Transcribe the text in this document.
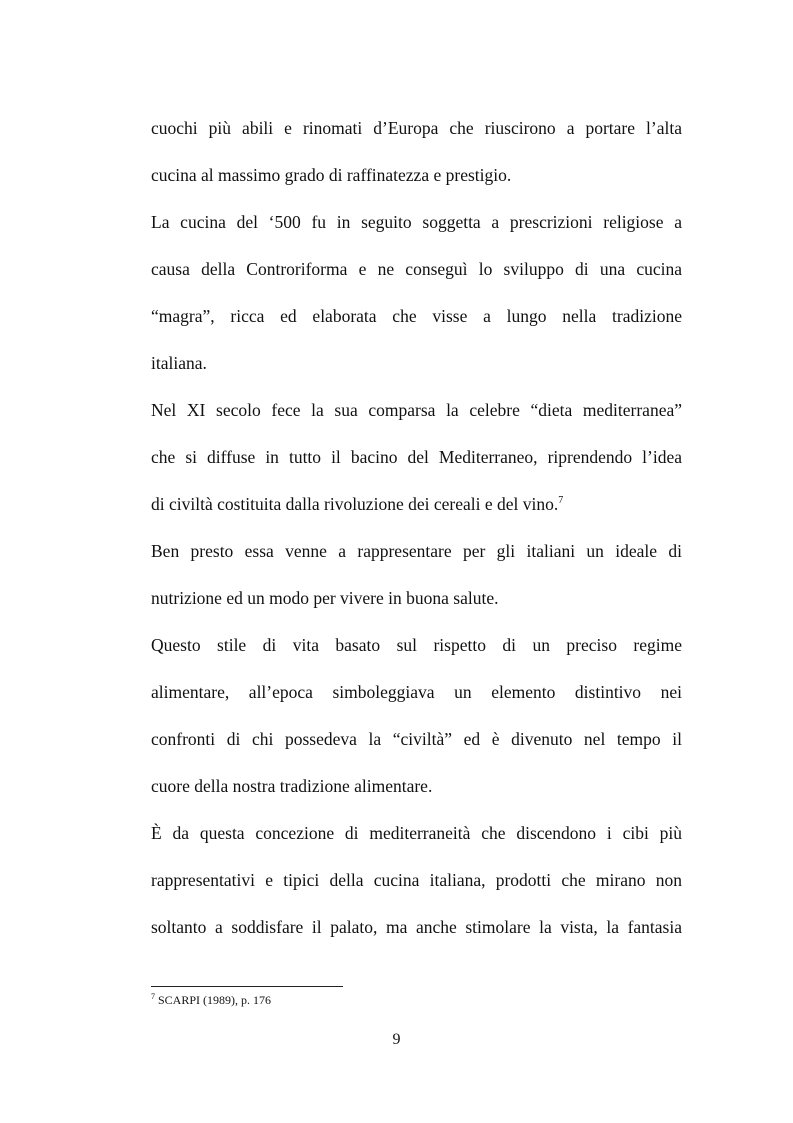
cuochi più abili e rinomati d’Europa che riuscirono a portare l’alta
cucina al massimo grado di raffinatezza e prestigio.
La cucina del ‘500 fu in seguito soggetta a prescrizioni religiose a
causa della Controriforma e ne conseguì lo sviluppo di una cucina
“magra”, ricca ed elaborata che visse a lungo nella tradizione
italiana.
Nel XI secolo fece la sua comparsa la celebre “dieta mediterranea”
che si diffuse in tutto il bacino del Mediterraneo, riprendendo l’idea
di civiltà costituita dalla rivoluzione dei cereali e del vino.$^7$
Ben presto essa venne a rappresentare per gli italiani un ideale di
nutrizione ed un modo per vivere in buona salute.
Questo stile di vita basato sul rispetto di un preciso regime
alimentare, all’epoca simboleggiava un elemento distintivo nei
confronti di chi possedeva la “civiltà” ed è divenuto nel tempo il
cuore della nostra tradizione alimentare.
È da questa concezione di mediterraneità che discendono i cibi più
rappresentativi e tipici della cucina italiana, prodotti che mirano non
soltanto a soddisfare il palato, ma anche stimolare la vista, la fantasia
$^7$ SCARPI (1989), p. 176
9
